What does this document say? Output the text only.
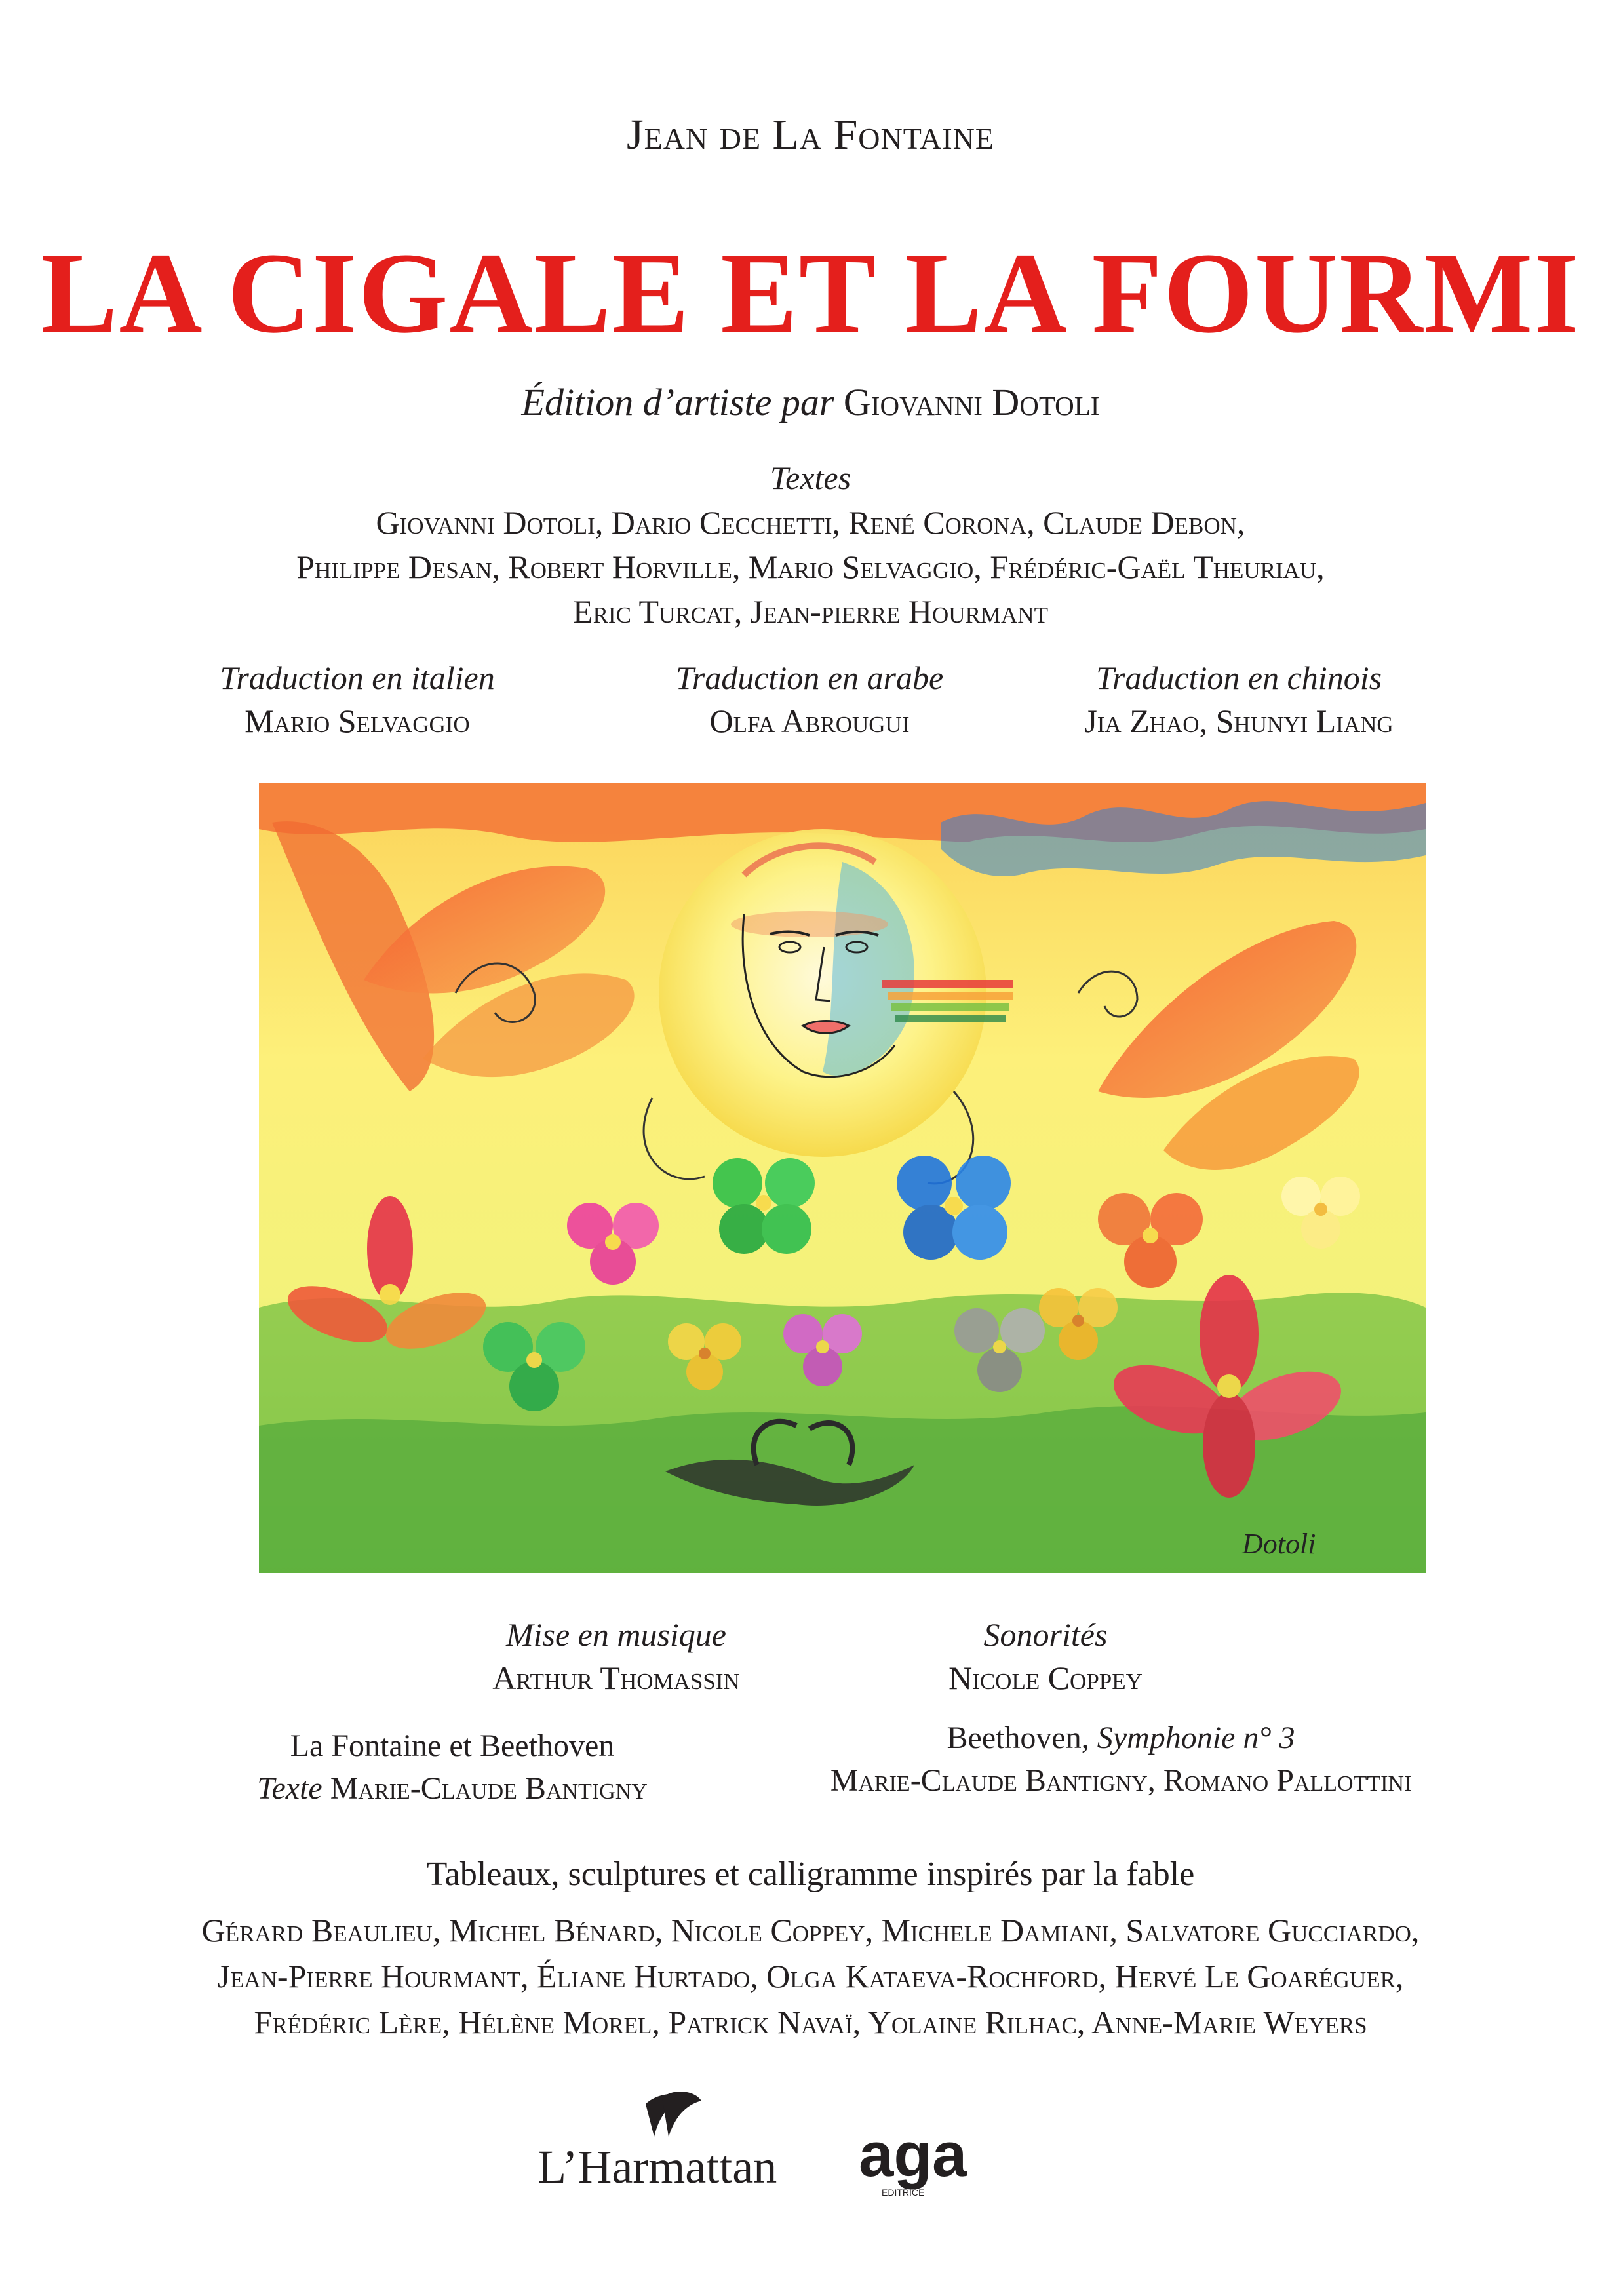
Jean de La Fontaine
LA CIGALE ET LA FOURMI
Édition d’artiste par Giovanni Dotoli
Textes
Giovanni Dotoli, Dario Cecchetti, René Corona, Claude Debon,
Philippe Desan, Robert Horville, Mario Selvaggio, Frédéric-Gaël Theuriau,
Eric Turcat, Jean-pierre Hourmant
Traduction en italien
Mario Selvaggio
Traduction en arabe
Olfa Abrougui
Traduction en chinois
Jia Zhao, Shunyi Liang
Dotoli
Mise en musique
Arthur Thomassin
Sonorités
Nicole Coppey
La Fontaine et Beethoven
Texte Marie-Claude Bantigny
Beethoven, Symphonie n° 3
Marie-Claude Bantigny, Romano Pallottini
Tableaux, sculptures et calligramme inspirés par la fable
Gérard Beaulieu, Michel Bénard, Nicole Coppey, Michele Damiani, Salvatore Gucciardo,
Jean-Pierre Hourmant, Éliane Hurtado, Olga Kataeva-Rochford, Hervé Le Goaréguer,
Frédéric Lère, Hélène Morel, Patrick Navaï, Yolaine Rilhac, Anne-Marie Weyers
L’Harmattan aga
EDITRICE
